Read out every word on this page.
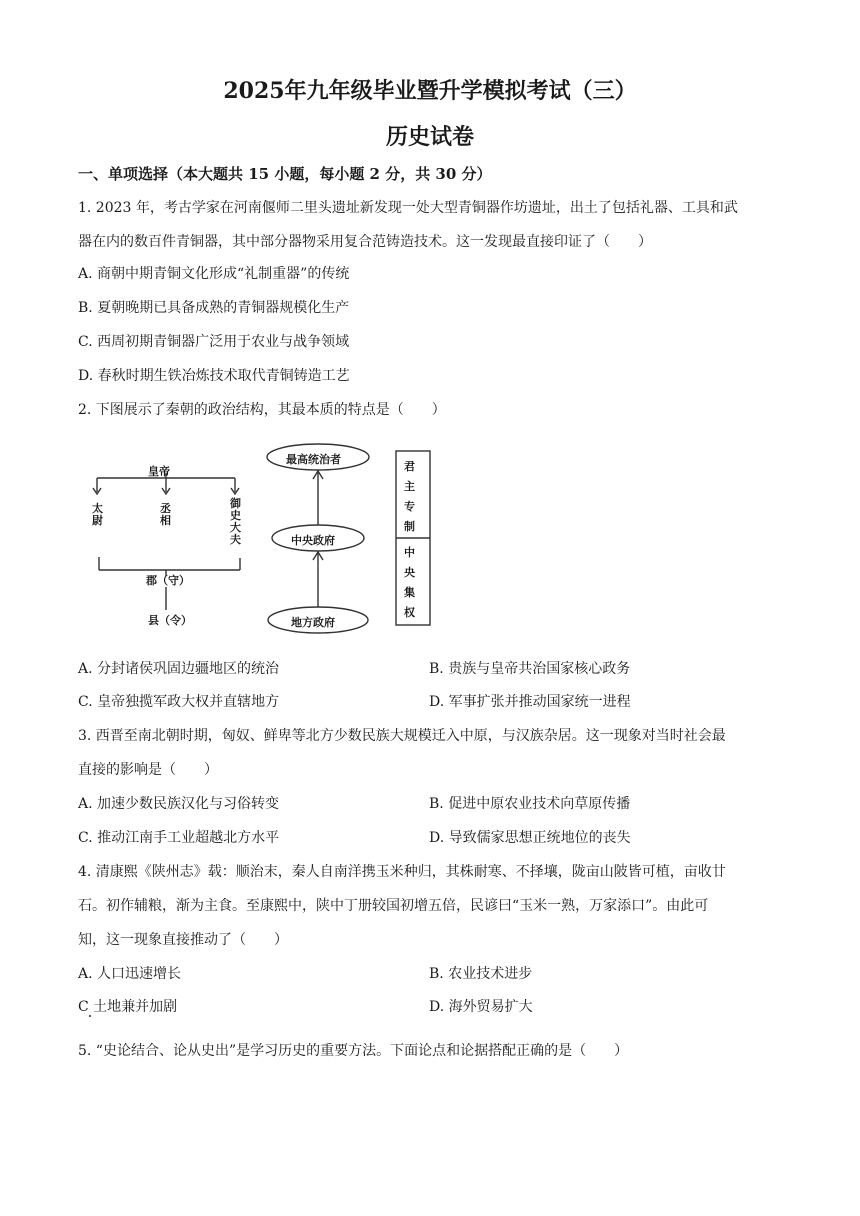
2025年九年级毕业暨升学模拟考试（三）
历史试卷
一、单项选择（本大题共 15 小题，每小题 2 分，共 30 分）
1. 2023 年，考古学家在河南偃师二里头遗址新发现一处大型青铜器作坊遗址，出土了包括礼器、工具和武
器在内的数百件青铜器，其中部分器物采用复合范铸造技术。这一发现最直接印证了（　　）
A. 商朝中期青铜文化形成“礼制重器”的传统
B. 夏朝晚期已具备成熟的青铜器规模化生产
C. 西周初期青铜器广泛用于农业与战争领域
D. 春秋时期生铁冶炼技术取代青铜铸造工艺
2. 下图展示了秦朝的政治结构，其最本质的特点是（　　）
皇帝
太
尉
丞
相
御
史
大
夫
郡（守）
县（令）
最高统治者
中央政府
地方政府
君
主
专
制
中
央
集
权
A. 分封诸侯巩固边疆地区的统治	B. 贵族与皇帝共治国家核心政务
C. 皇帝独揽军政大权并直辖地方	D. 军事扩张并推动国家统一进程
3. 西晋至南北朝时期，匈奴、鲜卑等北方少数民族大规模迁入中原，与汉族杂居。这一现象对当时社会最
直接的影响是（　　）
A. 加速少数民族汉化与习俗转变	B. 促进中原农业技术向草原传播
C. 推动江南手工业超越北方水平	D. 导致儒家思想正统地位的丧失
4. 清康熙《陕州志》载：顺治末，秦人自南洋携玉米种归，其株耐寒、不择壤，陇亩山陂皆可植，亩收廿
石。初作辅粮，渐为主食。至康熙中，陕中丁册较国初增五倍，民谚曰“玉米一熟，万家添口”。由此可
知，这一现象直接推动了（　　）
A. 人口迅速增长	B. 农业技术进步
C 土地兼并加剧	D. 海外贸易扩大
5. “史论结合、论从史出”是学习历史的重要方法。下面论点和论据搭配正确的是（　　）
